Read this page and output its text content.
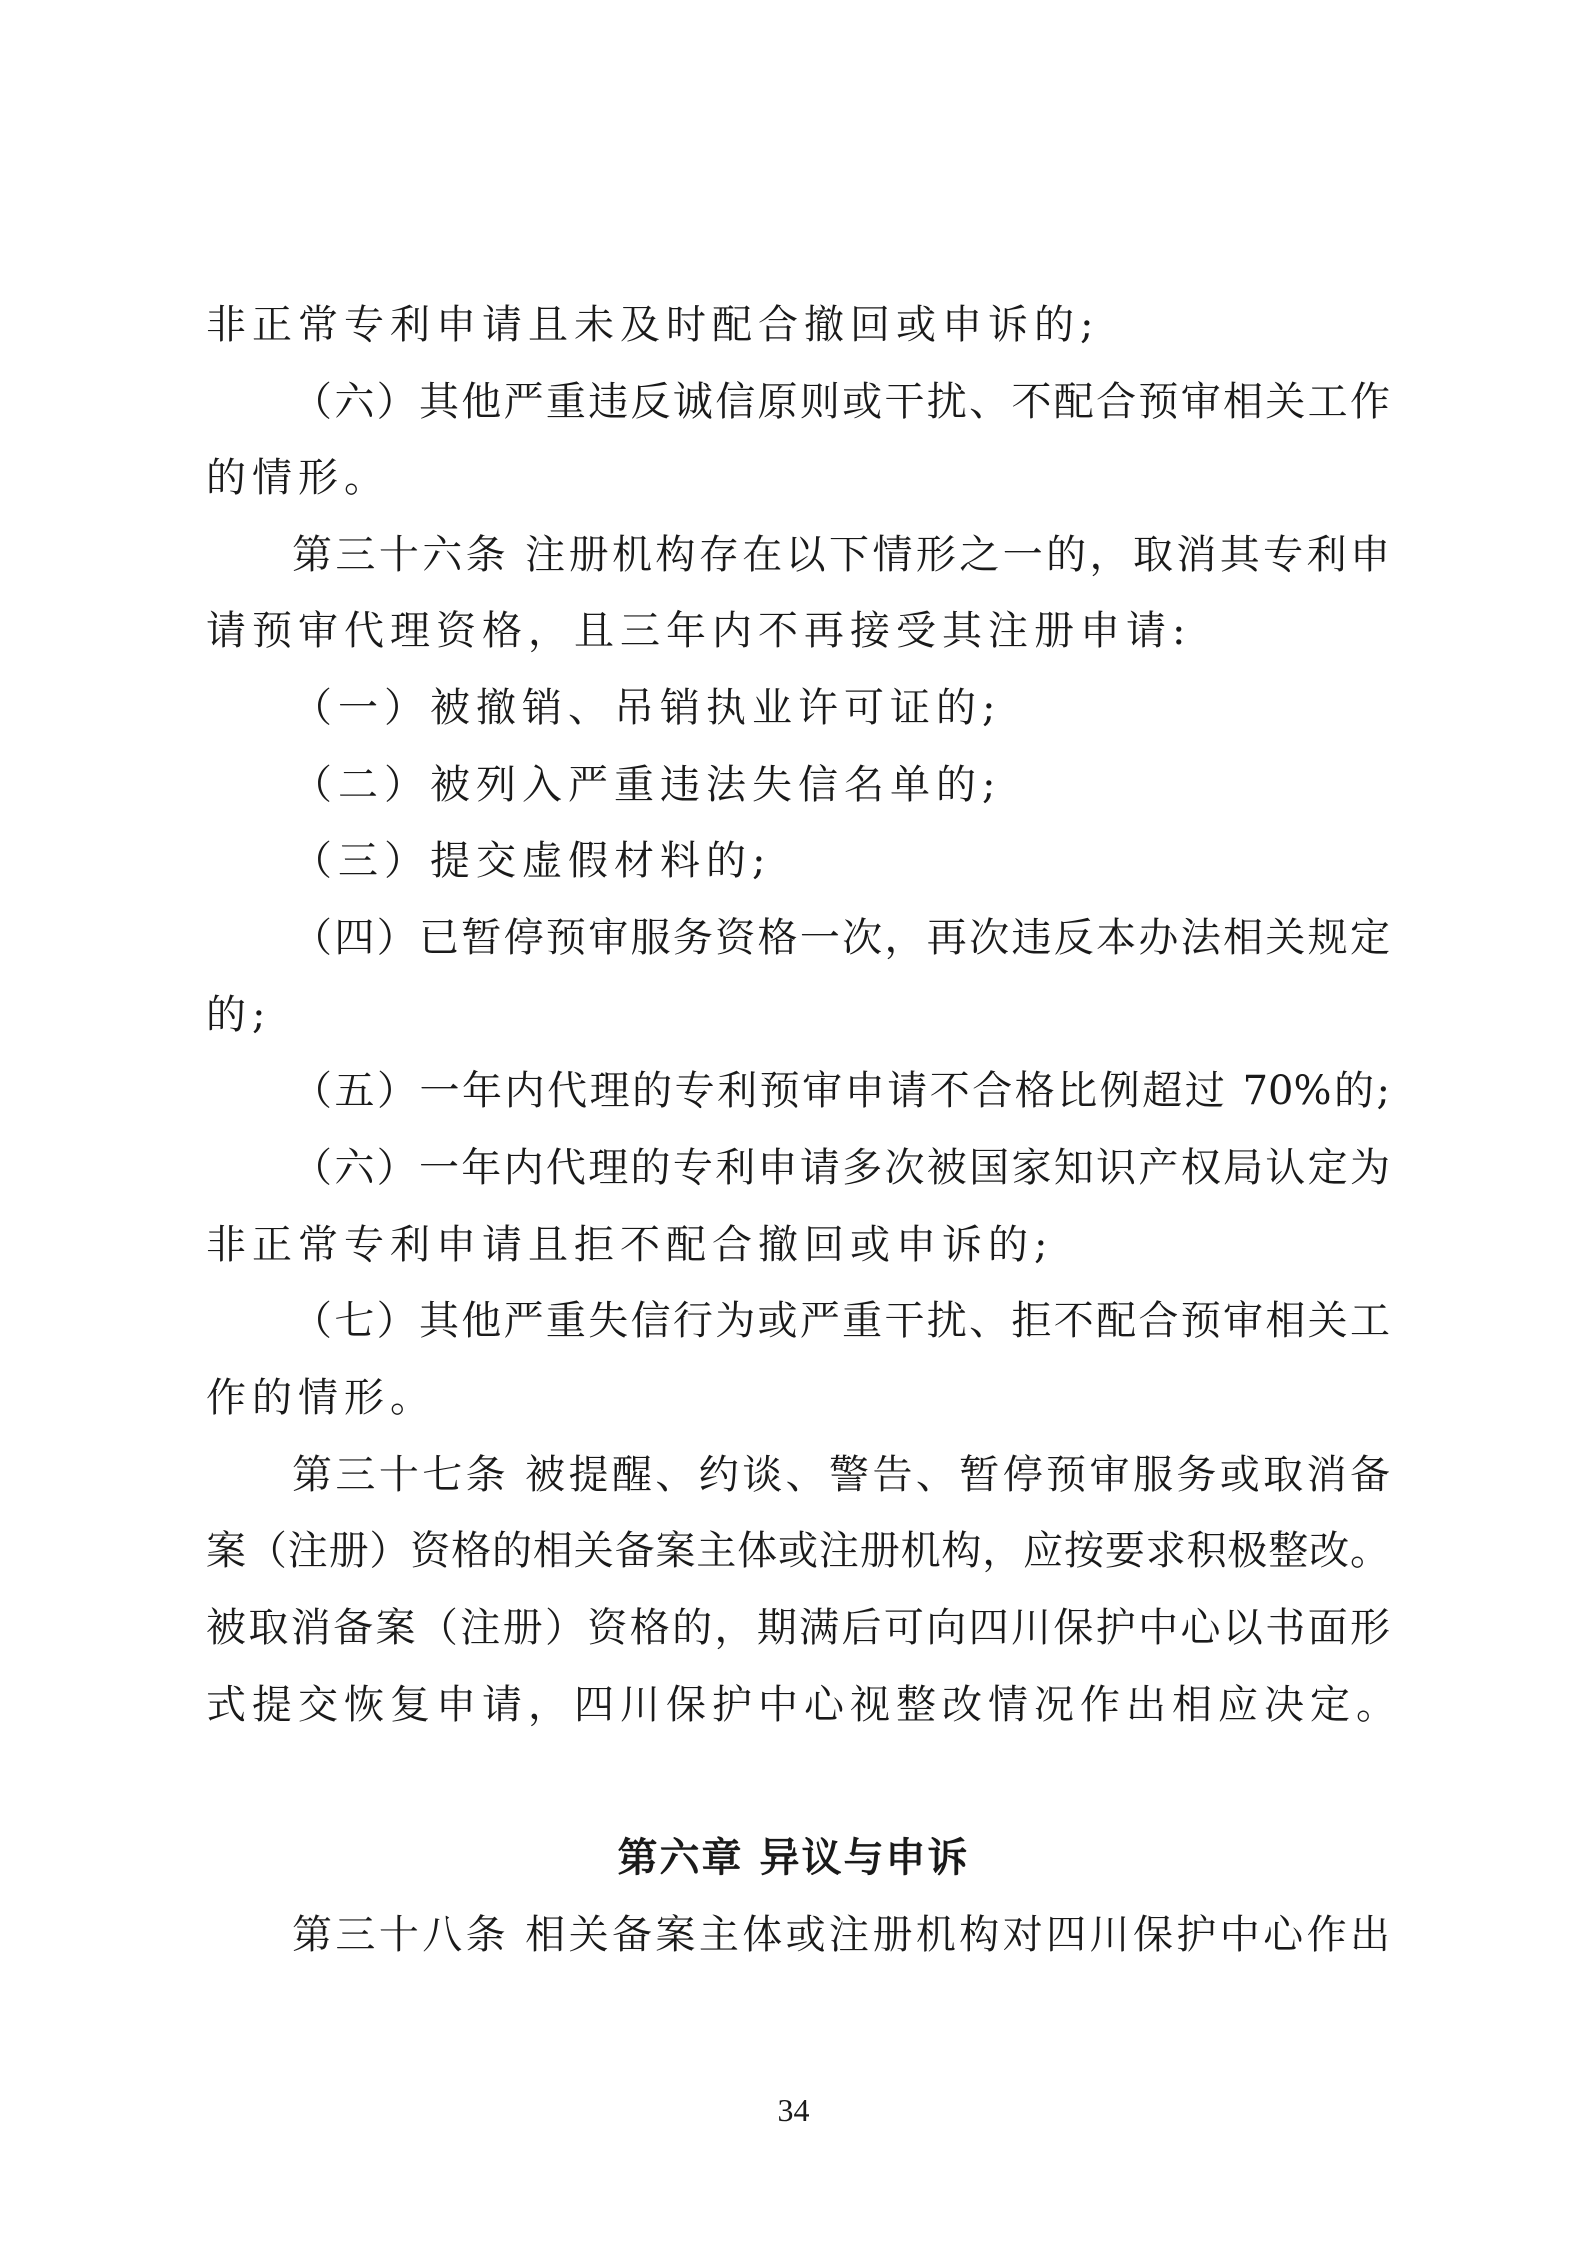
非正常专利申请且未及时配合撤回或申诉的;
（六）其他严重违反诚信原则或干扰、不配合预审相关工作
的情形。
第三十六条 注册机构存在以下情形之一的，取消其专利申
请预审代理资格，且三年内不再接受其注册申请:
（一）被撤销、吊销执业许可证的;
（二）被列入严重违法失信名单的;
（三）提交虚假材料的;
（四）已暂停预审服务资格一次，再次违反本办法相关规定
的;
（五）一年内代理的专利预审申请不合格比例超过 70%的;
（六）一年内代理的专利申请多次被国家知识产权局认定为
非正常专利申请且拒不配合撤回或申诉的;
（七）其他严重失信行为或严重干扰、拒不配合预审相关工
作的情形。
第三十七条 被提醒、约谈、警告、暂停预审服务或取消备
案（注册）资格的相关备案主体或注册机构，应按要求积极整改。
被取消备案（注册）资格的，期满后可向四川保护中心以书面形
式提交恢复申请，四川保护中心视整改情况作出相应决定。
第六章 异议与申诉
第三十八条 相关备案主体或注册机构对四川保护中心作出
34
